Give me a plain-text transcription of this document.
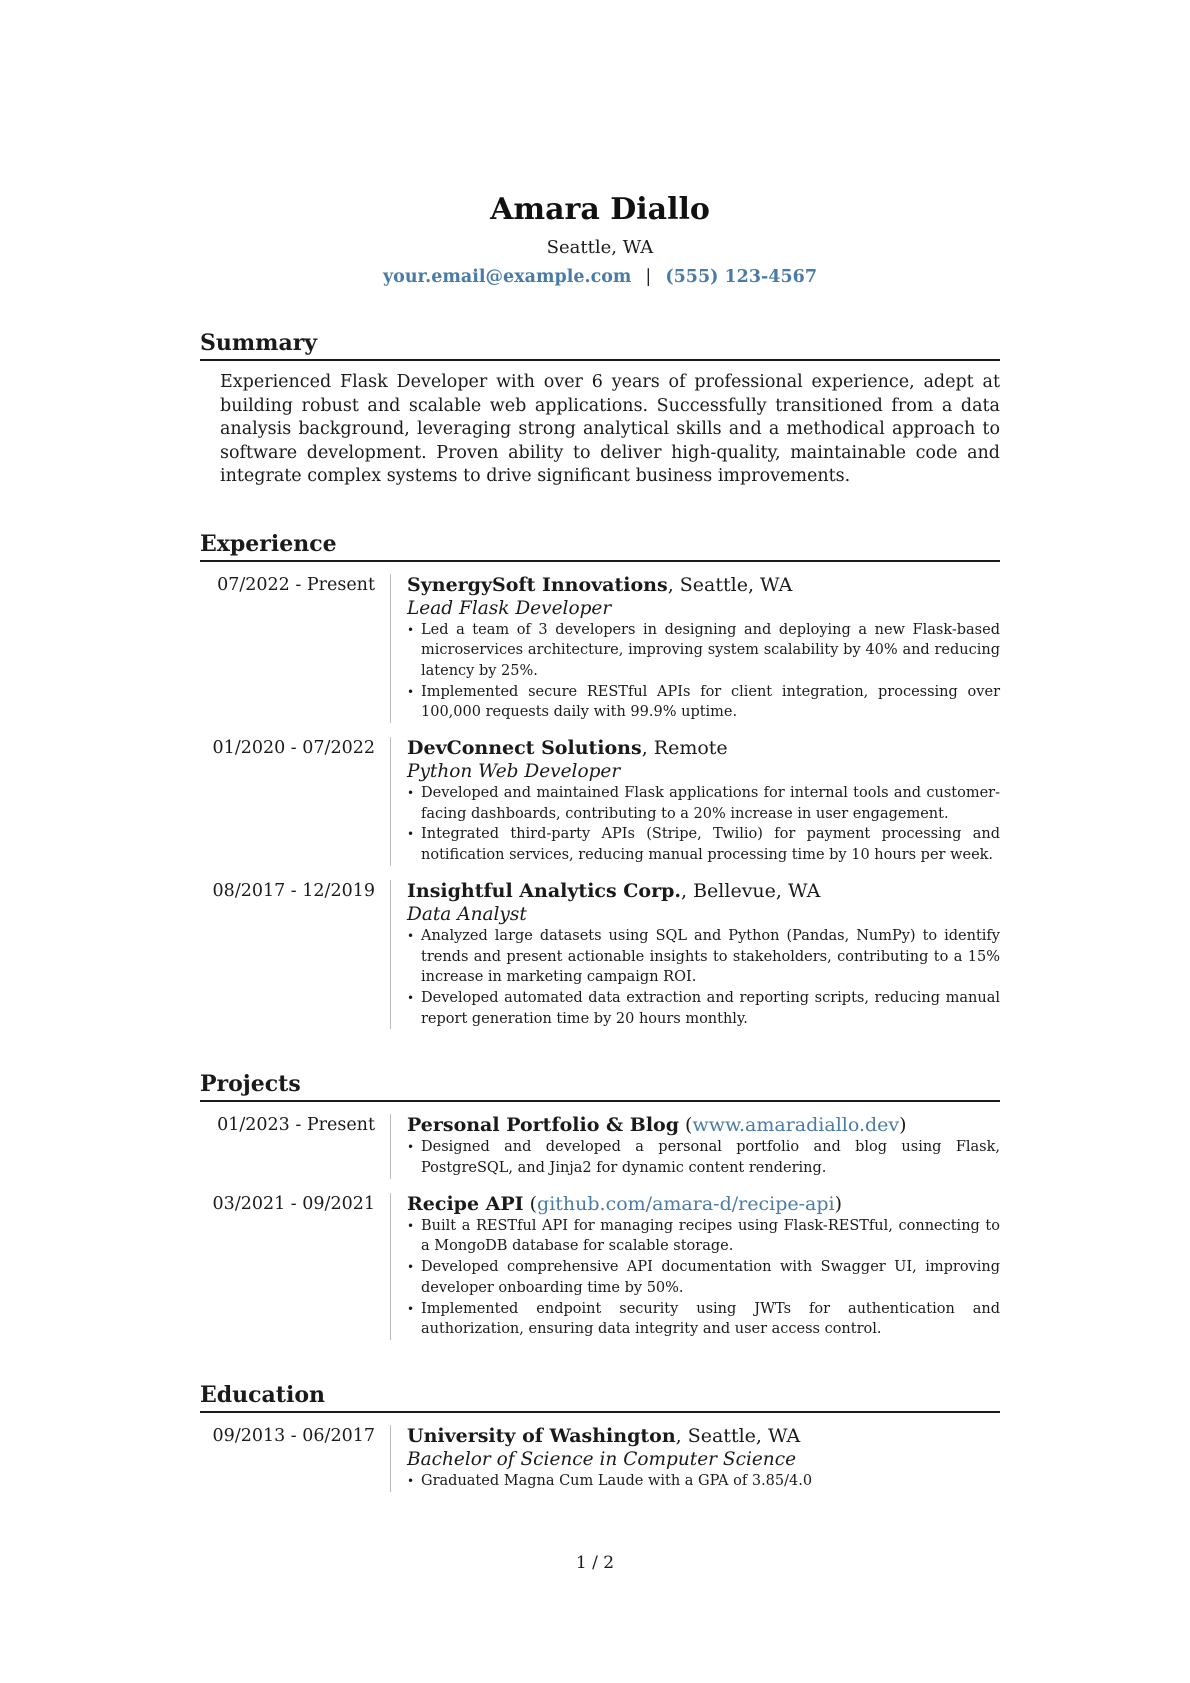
Amara Diallo
Seattle, WA
your.email@example.com | (555) 123-4567
Summary
Experienced Flask Developer with over 6 years of professional experience, adept at building robust and scalable web applications. Successfully transitioned from a data analysis background, leveraging strong analytical skills and a methodical approach to software development. Proven ability to deliver high-quality, maintainable code and integrate complex systems to drive significant business improvements.
Experience
07/2022 - Present SynergySoft Innovations, Seattle, WA
Lead Flask Developer
• Led a team of 3 developers in designing and deploying a new Flask-based microservices architecture, improving system scalability by 40% and reducing latency by 25%.
• Implemented secure RESTful APIs for client integration, processing over 100,000 requests daily with 99.9% uptime.
01/2020 - 07/2022 DevConnect Solutions, Remote
Python Web Developer
• Developed and maintained Flask applications for internal tools and customer-facing dashboards, contributing to a 20% increase in user engagement.
• Integrated third-party APIs (Stripe, Twilio) for payment processing and notification services, reducing manual processing time by 10 hours per week.
08/2017 - 12/2019 Insightful Analytics Corp., Bellevue, WA
Data Analyst
• Analyzed large datasets using SQL and Python (Pandas, NumPy) to identify trends and present actionable insights to stakeholders, contributing to a 15% increase in marketing campaign ROI.
• Developed automated data extraction and reporting scripts, reducing manual report generation time by 20 hours monthly.
Projects
01/2023 - Present Personal Portfolio & Blog (www.amaradiallo.dev)
• Designed and developed a personal portfolio and blog using Flask, PostgreSQL, and Jinja2 for dynamic content rendering.
03/2021 - 09/2021 Recipe API (github.com/amara-d/recipe-api)
• Built a RESTful API for managing recipes using Flask-RESTful, connecting to a MongoDB database for scalable storage.
• Developed comprehensive API documentation with Swagger UI, improving developer onboarding time by 50%.
• Implemented endpoint security using JWTs for authentication and authorization, ensuring data integrity and user access control.
Education
09/2013 - 06/2017 University of Washington, Seattle, WA
Bachelor of Science in Computer Science
• Graduated Magna Cum Laude with a GPA of 3.85/4.0
1 / 2
